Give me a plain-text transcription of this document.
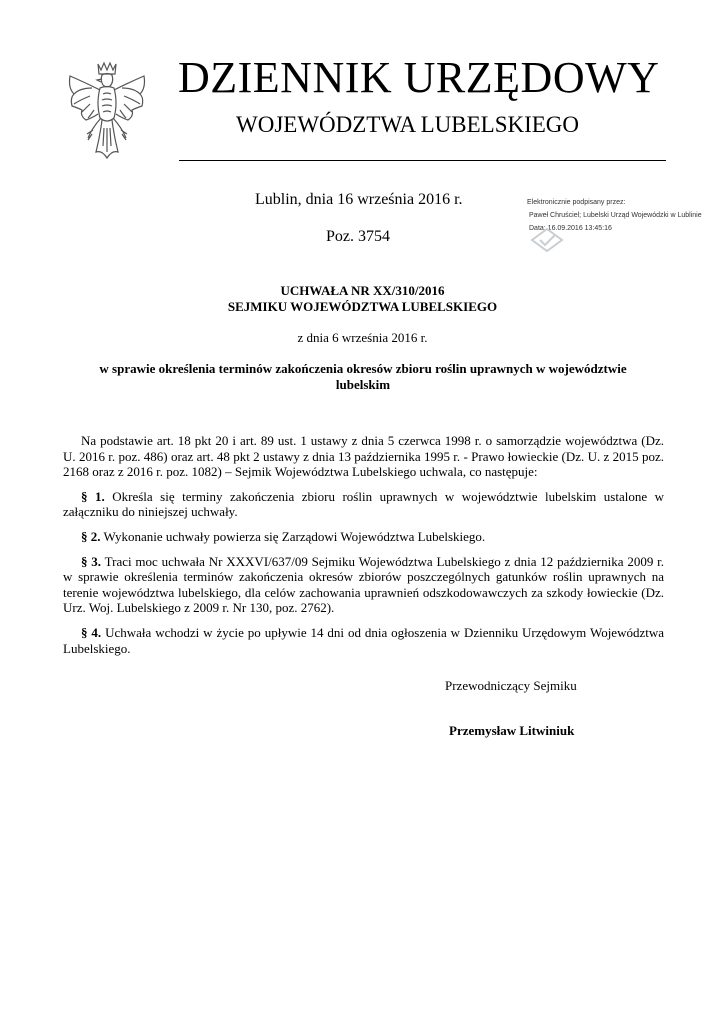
DZIENNIK URZĘDOWY
WOJEWÓDZTWA LUBELSKIEGO
Lublin, dnia 16 września 2016 r.
Poz. 3754
Elektronicznie podpisany przez:
Paweł Chruściel; Lubelski Urząd Wojewódzki w Lublinie
Data: 16.09.2016 13:45:16
UCHWAŁA NR XX/310/2016
SEJMIKU WOJEWÓDZTWA LUBELSKIEGO
z dnia 6 września 2016 r.
w sprawie określenia terminów zakończenia okresów zbioru roślin uprawnych w województwie lubelskim

Na podstawie art. 18 pkt 20 i art. 89 ust. 1 ustawy z dnia 5 czerwca 1998 r. o samorządzie województwa (Dz. U. 2016 r. poz. 486) oraz art. 48 pkt 2 ustawy z dnia 13 października 1995 r. - Prawo łowieckie (Dz. U. z 2015 poz. 2168 oraz z 2016 r. poz. 1082) – Sejmik Województwa Lubelskiego uchwala, co następuje:

§ 1. Określa się terminy zakończenia zbioru roślin uprawnych w województwie lubelskim ustalone w załączniku do niniejszej uchwały.

§ 2. Wykonanie uchwały powierza się Zarządowi Województwa Lubelskiego.

§ 3. Traci moc uchwała Nr XXXVI/637/09 Sejmiku Województwa Lubelskiego z dnia 12 października 2009 r. w sprawie określenia terminów zakończenia okresów zbiorów poszczególnych gatunków roślin uprawnych na terenie województwa lubelskiego, dla celów zachowania uprawnień odszkodowawczych za szkody łowieckie (Dz. Urz. Woj. Lubelskiego z 2009 r. Nr 130, poz. 2762).

§ 4. Uchwała wchodzi w życie po upływie 14 dni od dnia ogłoszenia w Dzienniku Urzędowym Województwa Lubelskiego.

Przewodniczący Sejmiku
Przemysław Litwiniuk
